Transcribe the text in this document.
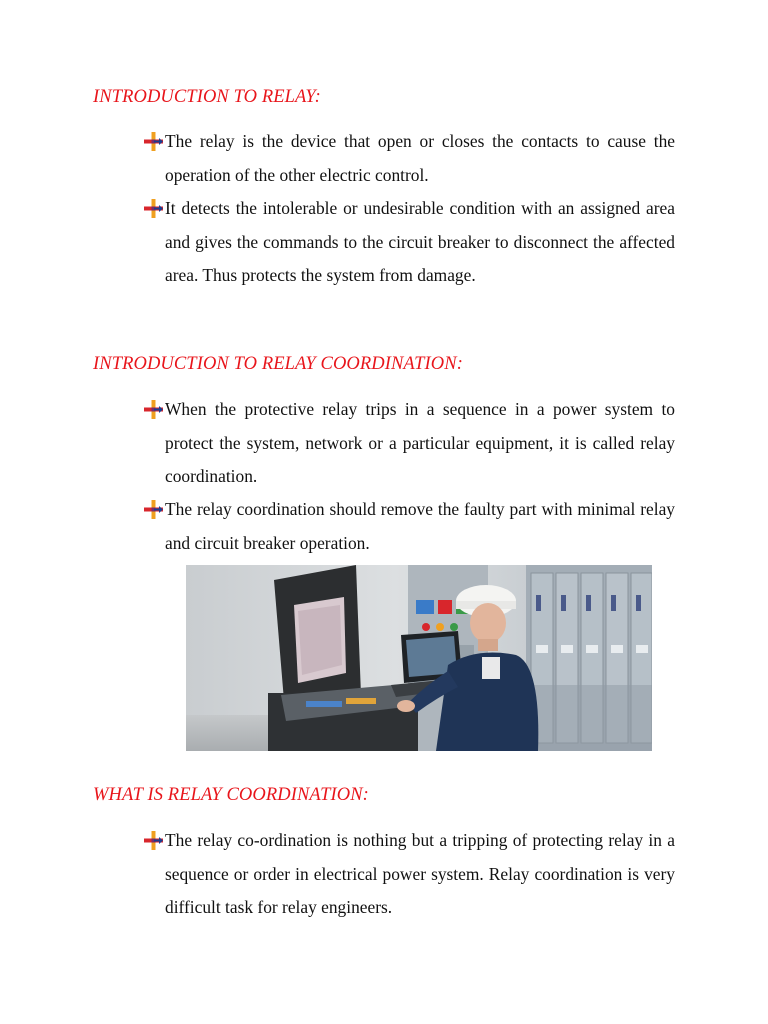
INTRODUCTION TO RELAY:
The relay is the device that open or closes the contacts to cause the operation of the other electric control.
It detects the intolerable or undesirable condition with an assigned area and gives the commands to the circuit breaker to disconnect the affected area. Thus protects the system from damage.
INTRODUCTION TO RELAY COORDINATION:
When the protective relay trips in a sequence in a power system to protect the system, network or a particular equipment, it is called relay coordination.
The relay coordination should remove the faulty part with minimal relay and circuit breaker operation.
WHAT IS RELAY COORDINATION:
The relay co-ordination is nothing but a tripping of protecting relay in a sequence or order in electrical power system. Relay coordination is very difficult task for relay engineers.
